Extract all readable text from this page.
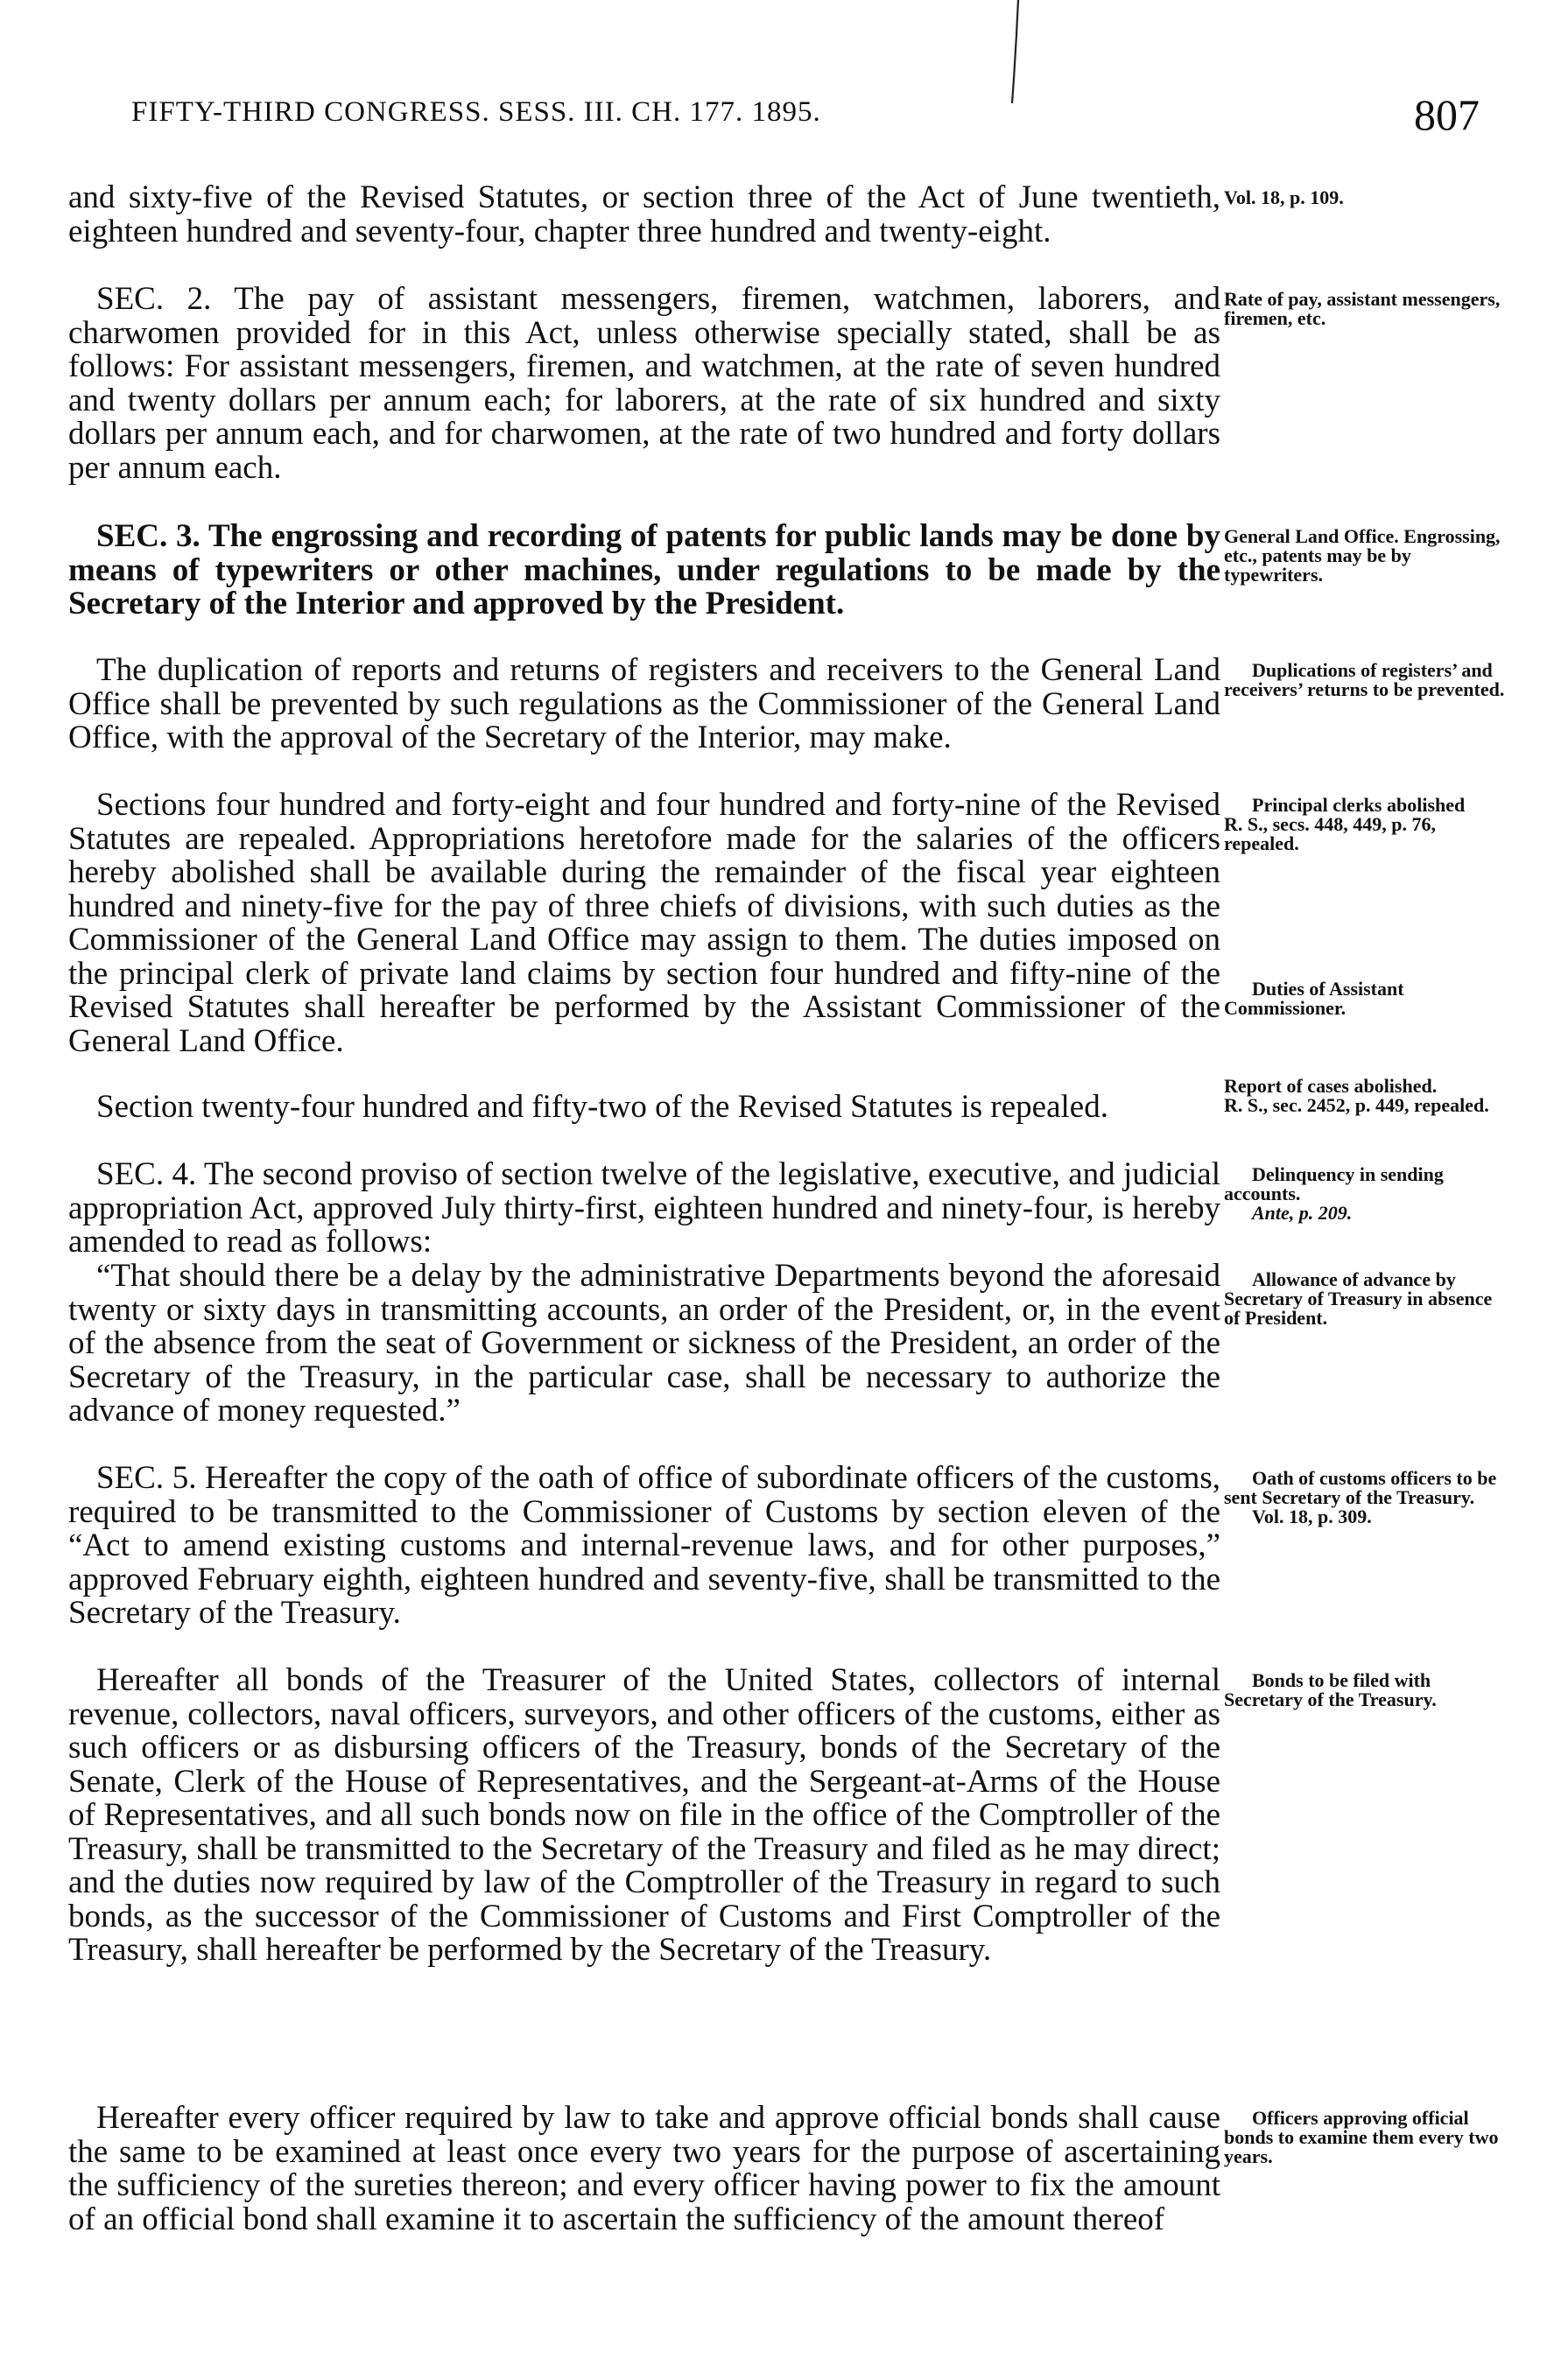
FIFTY-THIRD CONGRESS. SESS. III. CH. 177. 1895.	807

and sixty-five of the Revised Statutes, or section three of the Act of June twentieth, eighteen hundred and seventy-four, chapter three hundred and twenty-eight.

Vol. 18, p. 109.

SEC. 2. The pay of assistant messengers, firemen, watchmen, laborers, and charwomen provided for in this Act, unless otherwise specially stated, shall be as follows: For assistant messengers, firemen, and watchmen, at the rate of seven hundred and twenty dollars per annum each; for laborers, at the rate of six hundred and sixty dollars per annum each, and for charwomen, at the rate of two hundred and forty dollars per annum each.

Rate of pay, assistant messengers, firemen, etc.

SEC. 3. The engrossing and recording of patents for public lands may be done by means of typewriters or other machines, under regulations to be made by the Secretary of the Interior and approved by the President.

General Land Office. Engrossing, etc., patents may be by typewriters.

The duplication of reports and returns of registers and receivers to the General Land Office shall be prevented by such regulations as the Commissioner of the General Land Office, with the approval of the Secretary of the Interior, may make.

Duplications of registers’ and receivers’ returns to be prevented.

Sections four hundred and forty-eight and four hundred and forty-nine of the Revised Statutes are repealed. Appropriations heretofore made for the salaries of the officers hereby abolished shall be available during the remainder of the fiscal year eighteen hundred and ninety-five for the pay of three chiefs of divisions, with such duties as the Commissioner of the General Land Office may assign to them. The duties imposed on the principal clerk of private land claims by section four hundred and fifty-nine of the Revised Statutes shall hereafter be performed by the Assistant Commissioner of the General Land Office.

Principal clerks abolished
R. S., secs. 448, 449, p. 76, repealed.

Duties of Assistant Commissioner.

Section twenty-four hundred and fifty-two of the Revised Statutes is repealed.

Report of cases abolished.
R. S., sec. 2452, p. 449, repealed.

SEC. 4. The second proviso of section twelve of the legislative, executive, and judicial appropriation Act, approved July thirty-first, eighteen hundred and ninety-four, is hereby amended to read as follows:

Delinquency in sending accounts.
Ante, p. 209.

“That should there be a delay by the administrative Departments beyond the aforesaid twenty or sixty days in transmitting accounts, an order of the President, or, in the event of the absence from the seat of Government or sickness of the President, an order of the Secretary of the Treasury, in the particular case, shall be necessary to authorize the advance of money requested.”

Allowance of advance by Secretary of Treasury in absence of President.

SEC. 5. Hereafter the copy of the oath of office of subordinate officers of the customs, required to be transmitted to the Commissioner of Customs by section eleven of the “Act to amend existing customs and internal-revenue laws, and for other purposes,” approved February eighth, eighteen hundred and seventy-five, shall be transmitted to the Secretary of the Treasury.

Oath of customs officers to be sent Secretary of the Treasury.
Vol. 18, p. 309.

Hereafter all bonds of the Treasurer of the United States, collectors of internal revenue, collectors, naval officers, surveyors, and other officers of the customs, either as such officers or as disbursing officers of the Treasury, bonds of the Secretary of the Senate, Clerk of the House of Representatives, and the Sergeant-at-Arms of the House of Representatives, and all such bonds now on file in the office of the Comptroller of the Treasury, shall be transmitted to the Secretary of the Treasury and filed as he may direct; and the duties now required by law of the Comptroller of the Treasury in regard to such bonds, as the successor of the Commissioner of Customs and First Comptroller of the Treasury, shall hereafter be performed by the Secretary of the Treasury.

Bonds to be filed with Secretary of the Treasury.

Hereafter every officer required by law to take and approve official bonds shall cause the same to be examined at least once every two years for the purpose of ascertaining the sufficiency of the sureties thereon; and every officer having power to fix the amount of an official bond shall examine it to ascertain the sufficiency of the amount thereof

Officers approving official bonds to examine them every two years.
